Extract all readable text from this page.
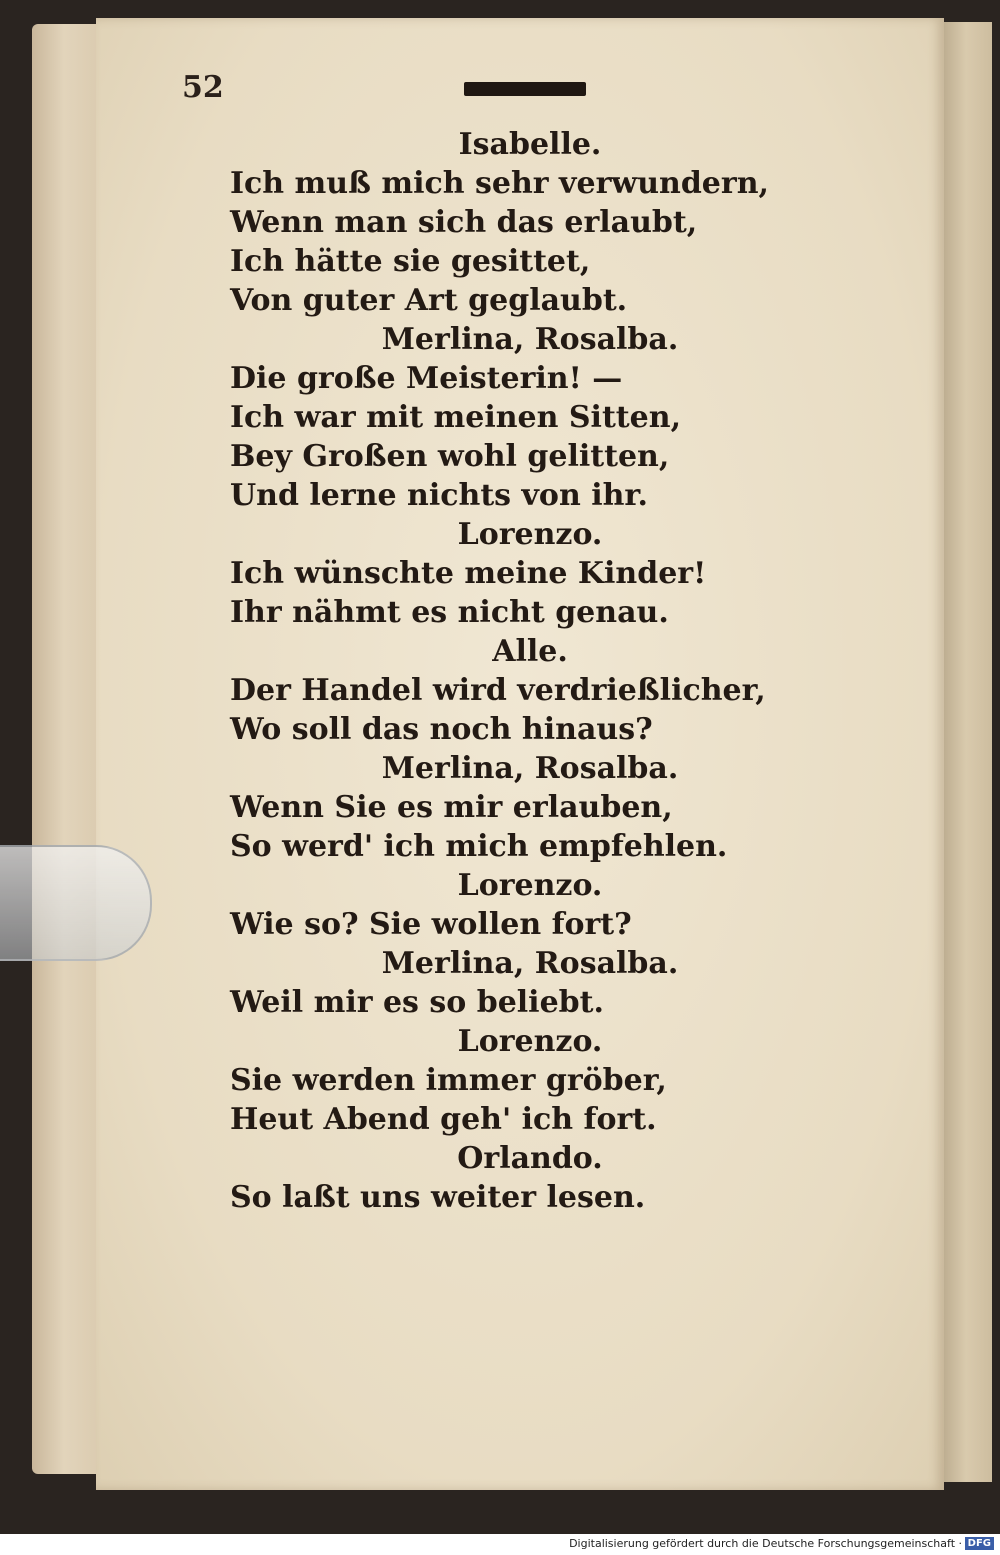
52
Isabelle.
Ich muß mich sehr verwundern,
Wenn man sich das erlaubt,
Ich hätte sie gesittet,
Von guter Art geglaubt.
Merlina, Rosalba.
Die große Meisterin! —
Ich war mit meinen Sitten,
Bey Großen wohl gelitten,
Und lerne nichts von ihr.
Lorenzo.
Ich wünschte meine Kinder!
Ihr nähmt es nicht genau.
Alle.
Der Handel wird verdrießlicher,
Wo soll das noch hinaus?
Merlina, Rosalba.
Wenn Sie es mir erlauben,
So werd' ich mich empfehlen.
Lorenzo.
Wie so? Sie wollen fort?
Merlina, Rosalba.
Weil mir es so beliebt.
Lorenzo.
Sie werden immer gröber,
Heut Abend geh' ich fort.
Orlando.
So laßt uns weiter lesen.
Digitalisierung gefördert durch die Deutsche Forschungsgemeinschaft · DFG
